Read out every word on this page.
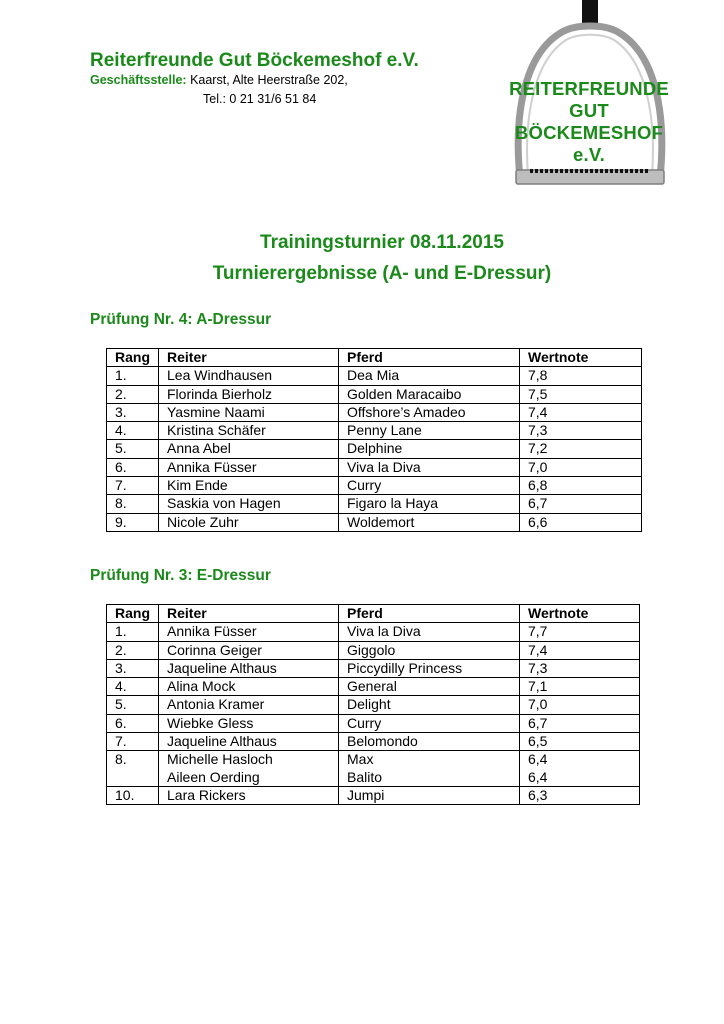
Reiterfreunde Gut Böckemeshof e.V.
Geschäftsstelle: Kaarst, Alte Heerstraße 202,
Tel.: 0 21 31/6 51 84	REITERFREUNDE
GUT
BÖCKEMESHOF e.V.
Trainingsturnier 08.11.2015
Turnierergebnisse (A- und E-Dressur)
Prüfung Nr. 4: A-Dressur
Rang	Reiter	Pferd	Wertnote
1.	Lea Windhausen	Dea Mia	7,8
2.	Florinda Bierholz	Golden Maracaibo	7,5
3.	Yasmine Naami	Offshore’s Amadeo	7,4
4.	Kristina Schäfer	Penny Lane	7,3
5.	Anna Abel	Delphine	7,2
6.	Annika Füsser	Viva la Diva	7,0
7.	Kim Ende	Curry	6,8
8.	Saskia von Hagen	Figaro la Haya	6,7
9.	Nicole Zuhr	Woldemort	6,6
Prüfung Nr. 3: E-Dressur
Rang	Reiter	Pferd	Wertnote
1.	Annika Füsser	Viva la Diva	7,7
2.	Corinna Geiger	Giggolo	7,4
3.	Jaqueline Althaus	Piccydilly Princess	7,3
4.	Alina Mock	General	7,1
5.	Antonia Kramer	Delight	7,0
6.	Wiebke Gless	Curry	6,7
7.	Jaqueline Althaus	Belomondo	6,5
8.	Michelle Hasloch	Max	6,4
	Aileen Oerding	Balito	6,4
10.	Lara Rickers	Jumpi	6,3
